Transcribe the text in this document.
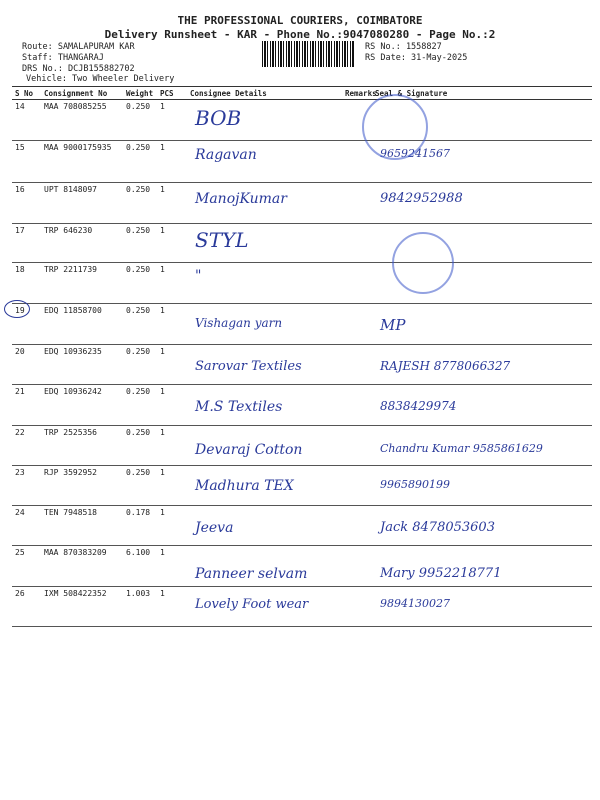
THE PROFESSIONAL COURIERS, COIMBATORE
Delivery Runsheet - KAR - Phone No.:9047080280 - Page No.:2
Route: SAMALAPURAM KAR
Staff: THANGARAJ
DRS No.: DCJB155882702
Vehicle: Two Wheeler Delivery
RS No.: 1558827
RS Date: 31-May-2025
S No	Consignment No	Weight	PCS	Consignee Details	Remarks	Seal & Signature
14	MAA 708085255	0.250	1	BOB		

15	MAA 9000175935	0.250	1	Ragavan		9659241567

16	UPT 8148097	0.250	1	ManojKumar		9842952988

17	TRP 646230	0.250	1	STYL		

18	TRP 2211739	0.250	1	"		

19	EDQ 11858700	0.250	1	Vishagan yarn		MP

20	EDQ 10936235	0.250	1	Sarovar Textiles		RAJESH 8778066327

21	EDQ 10936242	0.250	1	M.S Textiles		8838429974

22	TRP 2525356	0.250	1	Devaraj Cotton		Chandru Kumar 9585861629

23	RJP 3592952	0.250	1	Madhura TEX		9965890199

24	TEN 7948518	0.178	1	Jeeva		Jack 8478053603

25	MAA 870383209	6.100	1	Panneer selvam		Mary 9952218771

26	IXM 508422352	1.003	1	Lovely Foot wear		9894130027
